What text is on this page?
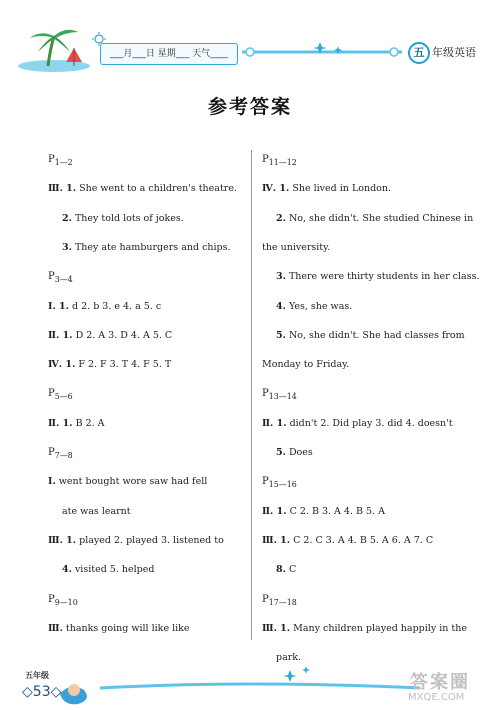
___月___日 星期___ 天气____	五 年级英语
参考答案
$P_{1—2}$
Ⅲ. 1. She went to a children's theatre.
2. They told lots of jokes.
3. They ate hamburgers and chips.
$P_{3—4}$
Ⅰ. 1. d 2. b 3. e 4. a 5. c
Ⅱ. 1. D 2. A 3. D 4. A 5. C
Ⅳ. 1. F 2. F 3. T 4. F 5. T
$P_{5—6}$
Ⅱ. 1. B 2. A
$P_{7—8}$
Ⅰ. went bought wore saw had fell
ate was learnt
Ⅲ. 1. played 2. played 3. listened to
4. visited 5. helped
$P_{9—10}$
Ⅲ. thanks going will like like
$P_{11—12}$
Ⅳ. 1. She lived in London.
2. No, she didn't. She studied Chinese in
the university.
3. There were thirty students in her class.
4. Yes, she was.
5. No, she didn't. She had classes from
Monday to Friday.
$P_{13—14}$
Ⅱ. 1. didn't 2. Did play 3. did 4. doesn't
5. Does
$P_{15—16}$
Ⅱ. 1. C 2. B 3. A 4. B 5. A
Ⅲ. 1. C 2. C 3. A 4. B 5. A 6. A 7. C
8. C
$P_{17—18}$
Ⅲ. 1. Many children played happily in the
park.
五年级
◇53◇	答案圈
MXQE.COM
